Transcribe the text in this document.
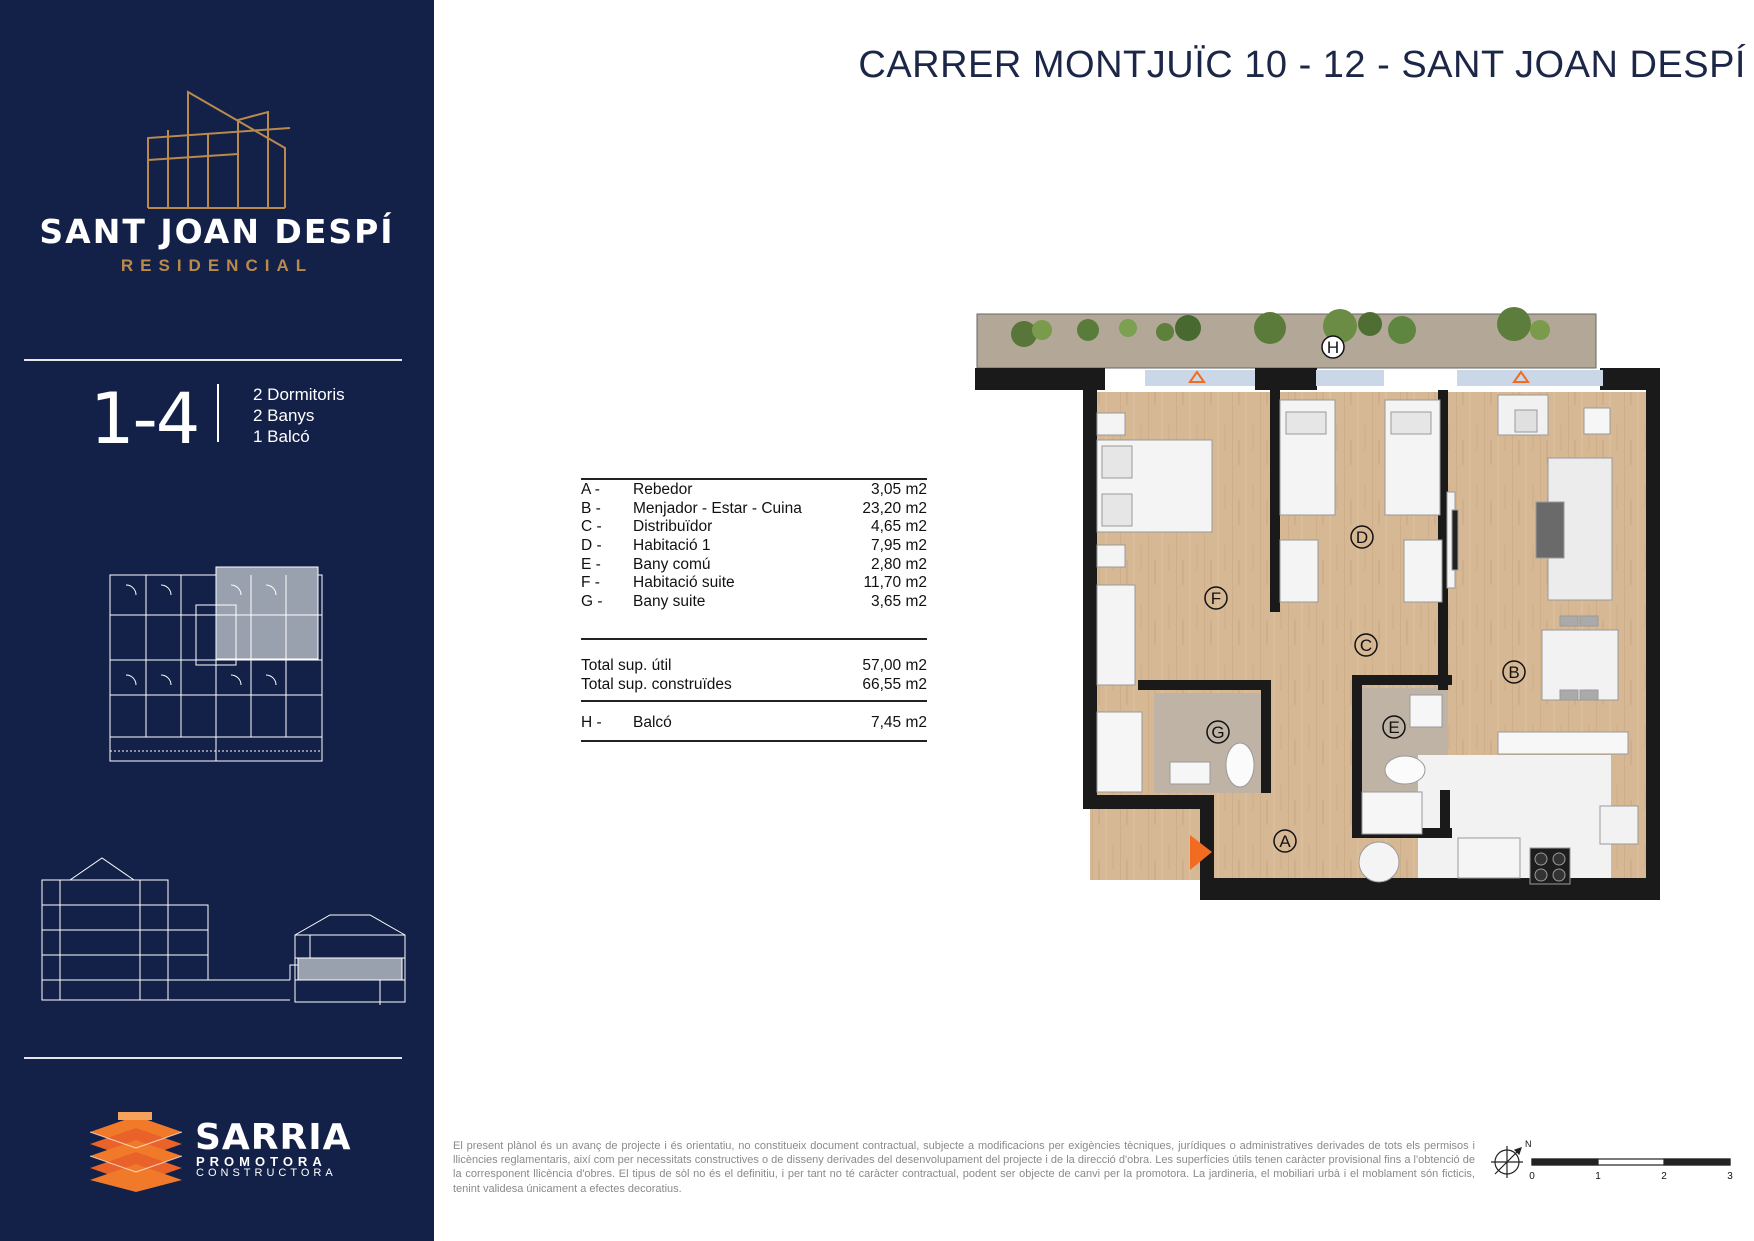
SANT JOAN DESPÍ
RESIDENCIAL
1-4	2 Dormitoris
2 Banys
1 Balcó
SARRIA
PROMOTORA
CONSTRUCTORA
CARRER MONTJUÏC 10 - 12 - SANT JOAN DESPÍ
A -	Rebedor	3,05 m2
B -	Menjador - Estar - Cuina	23,20 m2
C -	Distribuïdor	4,65 m2
D -	Habitació 1	7,95 m2
E -	Bany comú	2,80 m2
F -	Habitació suite	11,70 m2
G -	Bany suite	3,65 m2
Total sup. útil	57,00 m2
Total sup. construïdes	66,55 m2
H -	Balcó	7,45 m2
H
F
D
C
B
G	E
A
El present plànol és un avanç de projecte i és orientatiu, no constitueix document contractual, subjecte a modificacions per exigències tècniques, jurídiques o administratives derivades de tots els permisos i llicències reglamentaris, així com per necessitats constructives o de disseny derivades del desenvolupament del projecte i de la direcció d'obra. Les superfícies útils tenen caràcter provisional fins a l'obtenció de la corresponent llicència d'obres. El tipus de sòl no és el definitiu, i per tant no té caràcter contractual, podent ser objecte de canvi per la promotora. La jardineria, el mobiliari urbà i el moblament són ficticis, tenint validesa únicament a efectes decoratius.
N
0	1	2	3
